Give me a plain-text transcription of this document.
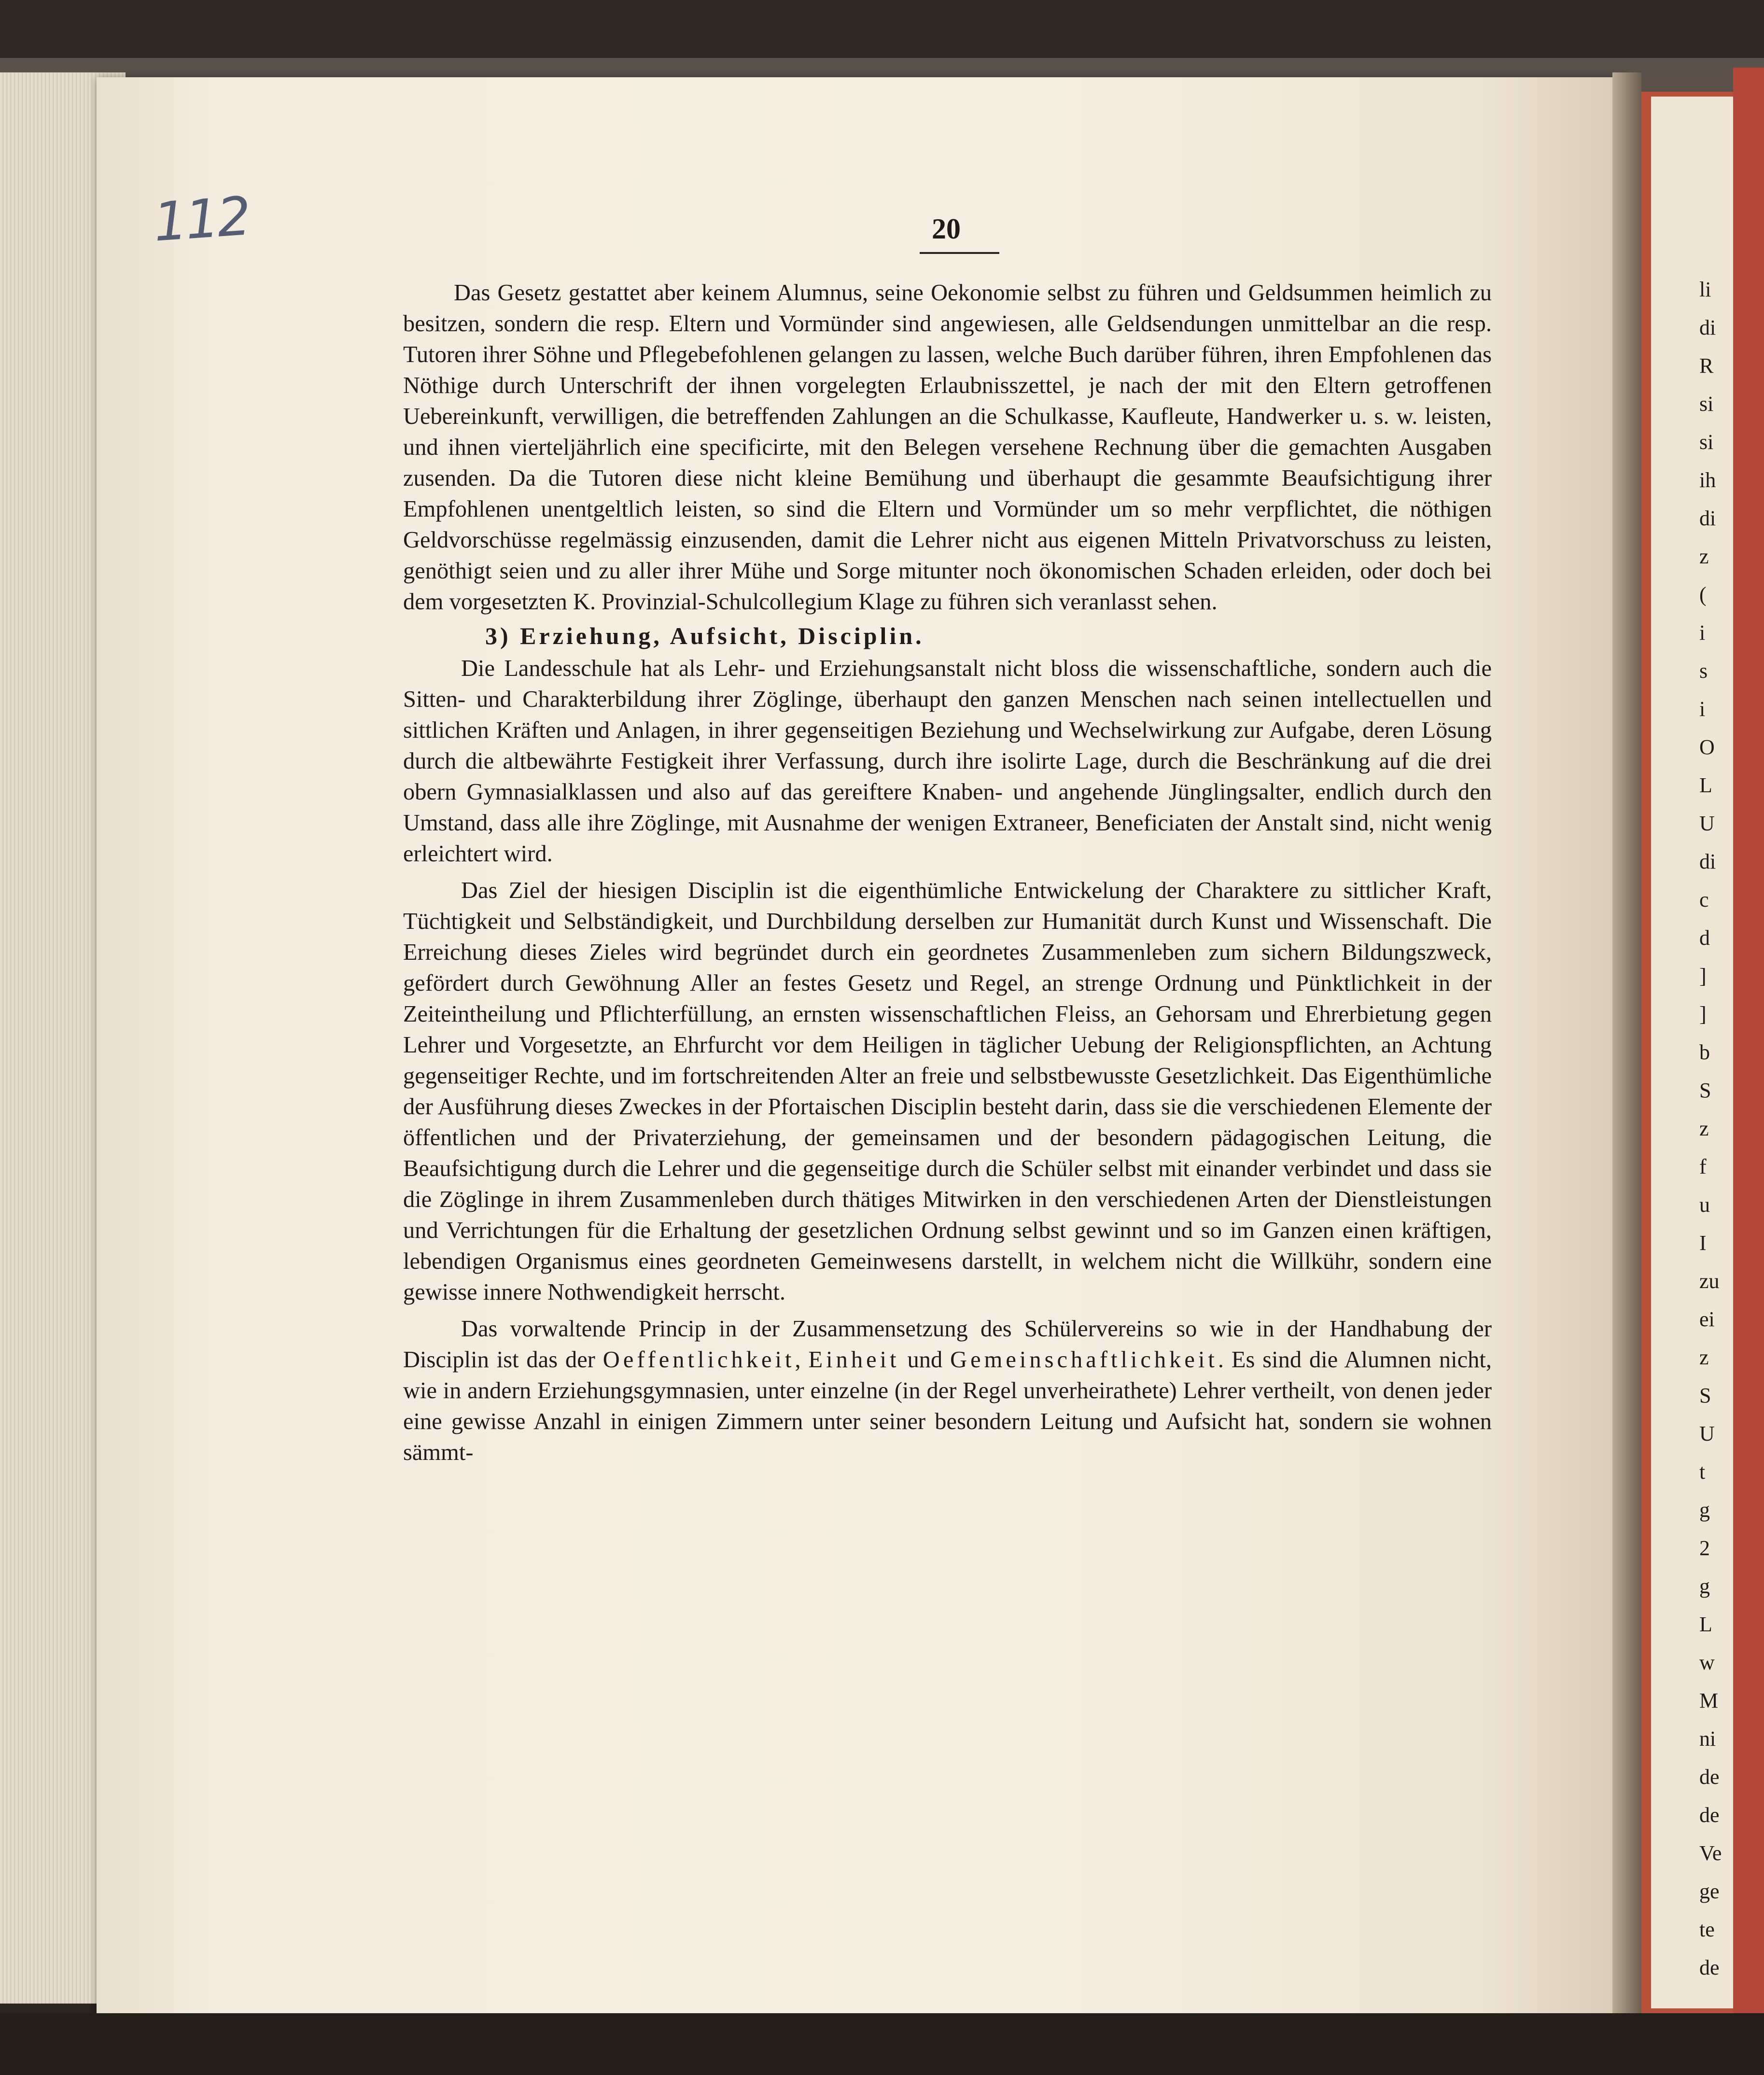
112	20

Das Gesetz gestattet aber keinem Alumnus, seine Oekonomie selbst zu führen und Geldsummen heimlich zu besitzen, sondern die resp. Eltern und Vormünder sind angewiesen, alle Geldsendungen unmittelbar an die resp. Tutoren ihrer Söhne und Pflegebefohlenen gelangen zu lassen, welche Buch darüber führen, ihren Empfohlenen das Nöthige durch Unterschrift der ihnen vorgelegten Erlaubnisszettel, je nach der mit den Eltern getroffenen Uebereinkunft, verwilligen, die betreffenden Zahlungen an die Schulkasse, Kaufleute, Handwerker u. s. w. leisten, und ihnen vierteljährlich eine specificirte, mit den Belegen versehene Rechnung über die gemachten Ausgaben zusenden. Da die Tutoren diese nicht kleine Bemühung und überhaupt die gesammte Beaufsichtigung ihrer Empfohlenen unentgeltlich leisten, so sind die Eltern und Vormünder um so mehr verpflichtet, die nöthigen Geldvorschüsse regelmässig einzusenden, damit die Lehrer nicht aus eigenen Mitteln Privatvorschuss zu leisten, genöthigt seien und zu aller ihrer Mühe und Sorge mitunter noch ökonomischen Schaden erleiden, oder doch bei dem vorgesetzten K. Provinzial-Schulcollegium Klage zu führen sich veranlasst sehen.

3) Erziehung, Aufsicht, Disciplin.

Die Landesschule hat als Lehr- und Erziehungsanstalt nicht bloss die wissenschaftliche, sondern auch die Sitten- und Charakterbildung ihrer Zöglinge, überhaupt den ganzen Menschen nach seinen intellectuellen und sittlichen Kräften und Anlagen, in ihrer gegenseitigen Beziehung und Wechselwirkung zur Aufgabe, deren Lösung durch die altbewährte Festigkeit ihrer Verfassung, durch ihre isolirte Lage, durch die Beschränkung auf die drei obern Gymnasialklassen und also auf das gereiftere Knaben- und angehende Jünglingsalter, endlich durch den Umstand, dass alle ihre Zöglinge, mit Ausnahme der wenigen Extraneer, Beneficiaten der Anstalt sind, nicht wenig erleichtert wird.

Das Ziel der hiesigen Disciplin ist die eigenthümliche Entwickelung der Charaktere zu sittlicher Kraft, Tüchtigkeit und Selbständigkeit, und Durchbildung derselben zur Humanität durch Kunst und Wissenschaft. Die Erreichung dieses Zieles wird begründet durch ein geordnetes Zusammenleben zum sichern Bildungszweck, gefördert durch Gewöhnung Aller an festes Gesetz und Regel, an strenge Ordnung und Pünktlichkeit in der Zeiteintheilung und Pflichterfüllung, an ernsten wissenschaftlichen Fleiss, an Gehorsam und Ehrerbietung gegen Lehrer und Vorgesetzte, an Ehrfurcht vor dem Heiligen in täglicher Uebung der Religionspflichten, an Achtung gegenseitiger Rechte, und im fortschreitenden Alter an freie und selbstbewusste Gesetzlichkeit. Das Eigenthümliche der Ausführung dieses Zweckes in der Pfortaischen Disciplin besteht darin, dass sie die verschiedenen Elemente der öffentlichen und der Privaterziehung, der gemeinsamen und der besondern pädagogischen Leitung, die Beaufsichtigung durch die Lehrer und die gegenseitige durch die Schüler selbst mit einander verbindet und dass sie die Zöglinge in ihrem Zusammenleben durch thätiges Mitwirken in den verschiedenen Arten der Dienstleistungen und Verrichtungen für die Erhaltung der gesetzlichen Ordnung selbst gewinnt und so im Ganzen einen kräftigen, lebendigen Organismus eines geordneten Gemeinwesens darstellt, in welchem nicht die Willkühr, sondern eine gewisse innere Nothwendigkeit herrscht.

Das vorwaltende Princip in der Zusammensetzung des Schülervereins so wie in der Handhabung der Disciplin ist das der Oeffentlichkeit, Einheit und Gemeinschaftlichkeit. Es sind die Alumnen nicht, wie in andern Erziehungsgymnasien, unter einzelne (in der Regel unverheirathete) Lehrer vertheilt, von denen jeder eine gewisse Anzahl in einigen Zimmern unter seiner besondern Leitung und Aufsicht hat, sondern sie wohnen sämmt-

li
di
R
si
si
ih
di
z
(
i
s
i
O
L
U
di
c
d
]
]
b
S
z
f
u
I
zu
ei
z
S
U
t
g
2
g
L
w
M
ni
de
de
Ve
ge
te
de
